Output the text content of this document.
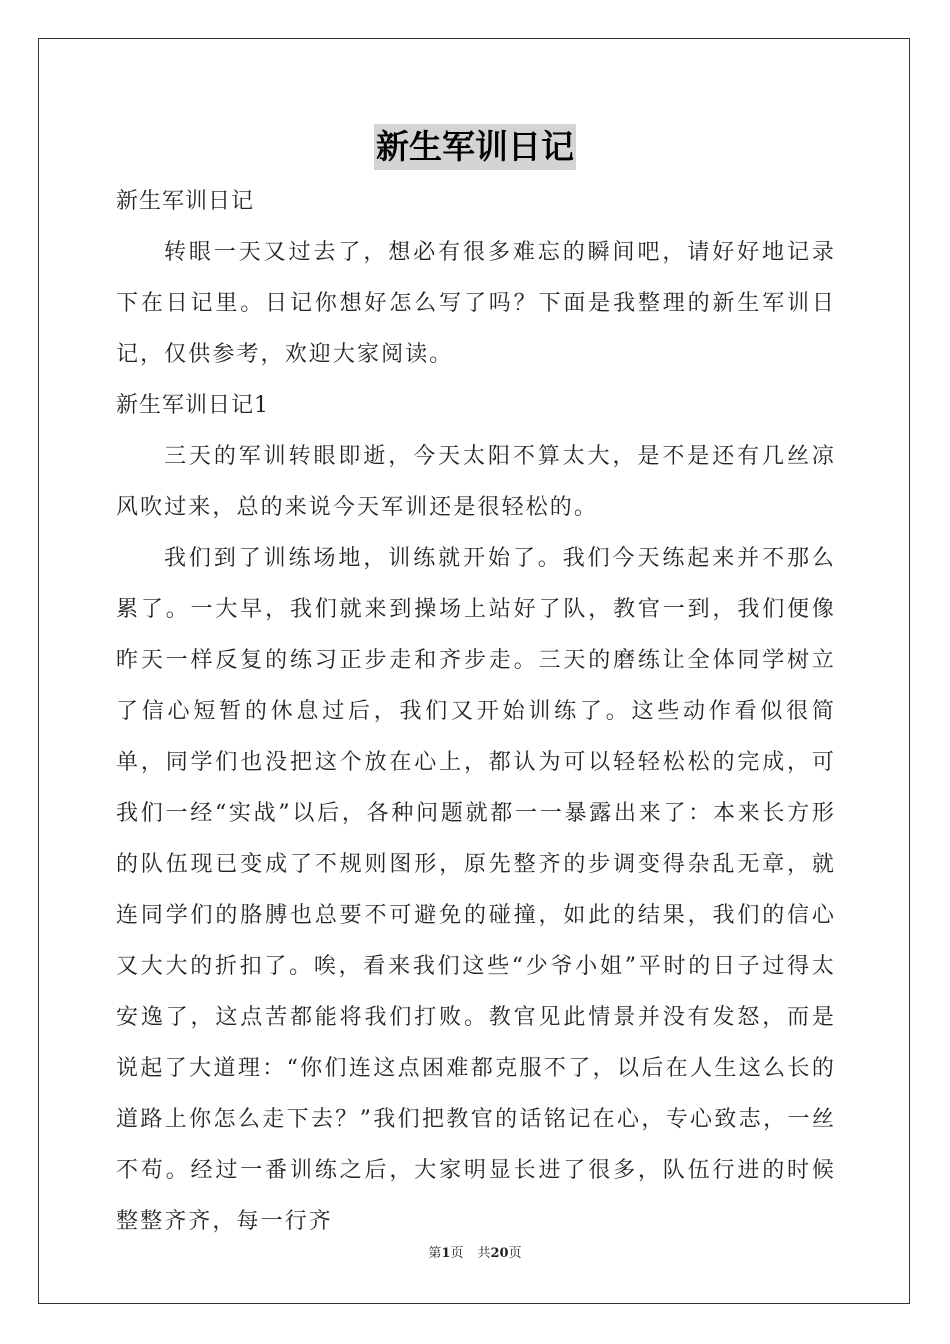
新生军训日记

新生军训日记

转眼一天又过去了，想必有很多难忘的瞬间吧，请好好地记录下在日记里。日记你想好怎么写了吗？下面是我整理的新生军训日记，仅供参考，欢迎大家阅读。

新生军训日记1

三天的军训转眼即逝，今天太阳不算太大，是不是还有几丝凉风吹过来，总的来说今天军训还是很轻松的。

我们到了训练场地，训练就开始了。我们今天练起来并不那么累了。一大早，我们就来到操场上站好了队，教官一到，我们便像昨天一样反复的练习正步走和齐步走。三天的磨练让全体同学树立了信心短暂的休息过后，我们又开始训练了。这些动作看似很简单，同学们也没把这个放在心上，都认为可以轻轻松松的完成，可我们一经“实战”以后，各种问题就都一一暴露出来了：本来长方形的队伍现已变成了不规则图形，原先整齐的步调变得杂乱无章，就连同学们的胳膊也总要不可避免的碰撞，如此的结果，我们的信心又大大的折扣了。唉，看来我们这些“少爷小姐”平时的日子过得太安逸了，这点苦都能将我们打败。教官见此情景并没有发怒，而是说起了大道理：“你们连这点困难都克服不了，以后在人生这么长的道路上你怎么走下去？”我们把教官的话铭记在心，专心致志，一丝不苟。经过一番训练之后，大家明显长进了很多，队伍行进的时候整整齐齐，每一行齐

第1页 共20页
